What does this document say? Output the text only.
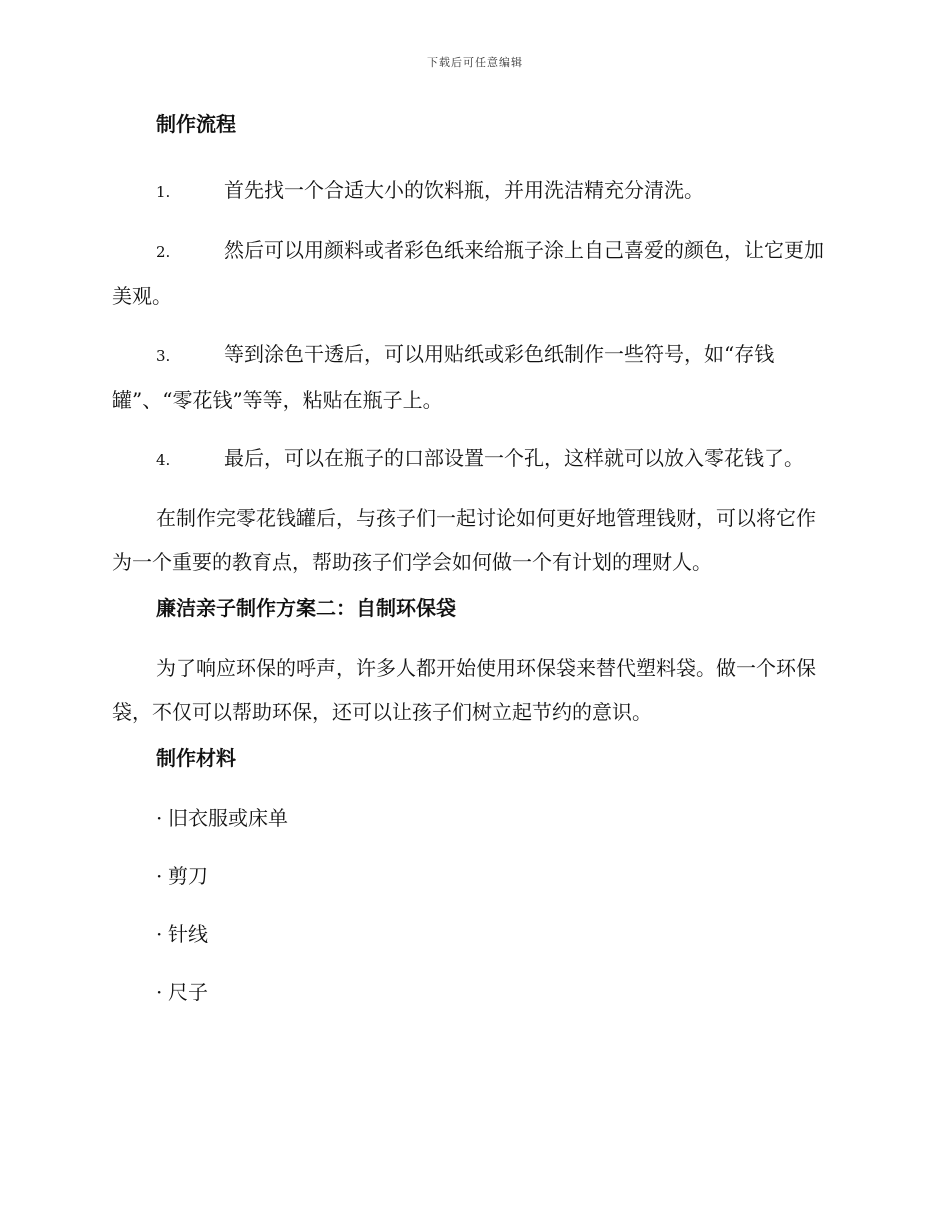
下载后可任意编辑
制作流程
1.	首先找一个合适大小的饮料瓶，并用洗洁精充分清洗。
2.	然后可以用颜料或者彩色纸来给瓶子涂上自己喜爱的颜色，让它更加美观。
3.	等到涂色干透后，可以用贴纸或彩色纸制作一些符号，如“存钱罐”、“零花钱”等等，粘贴在瓶子上。
4.	最后，可以在瓶子的口部设置一个孔，这样就可以放入零花钱了。

在制作完零花钱罐后，与孩子们一起讨论如何更好地管理钱财，可以将它作为一个重要的教育点，帮助孩子们学会如何做一个有计划的理财人。

廉洁亲子制作方案二：自制环保袋

为了响应环保的呼声，许多人都开始使用环保袋来替代塑料袋。做一个环保袋，不仅可以帮助环保，还可以让孩子们树立起节约的意识。

制作材料
· 旧衣服或床单
· 剪刀
· 针线
· 尺子
